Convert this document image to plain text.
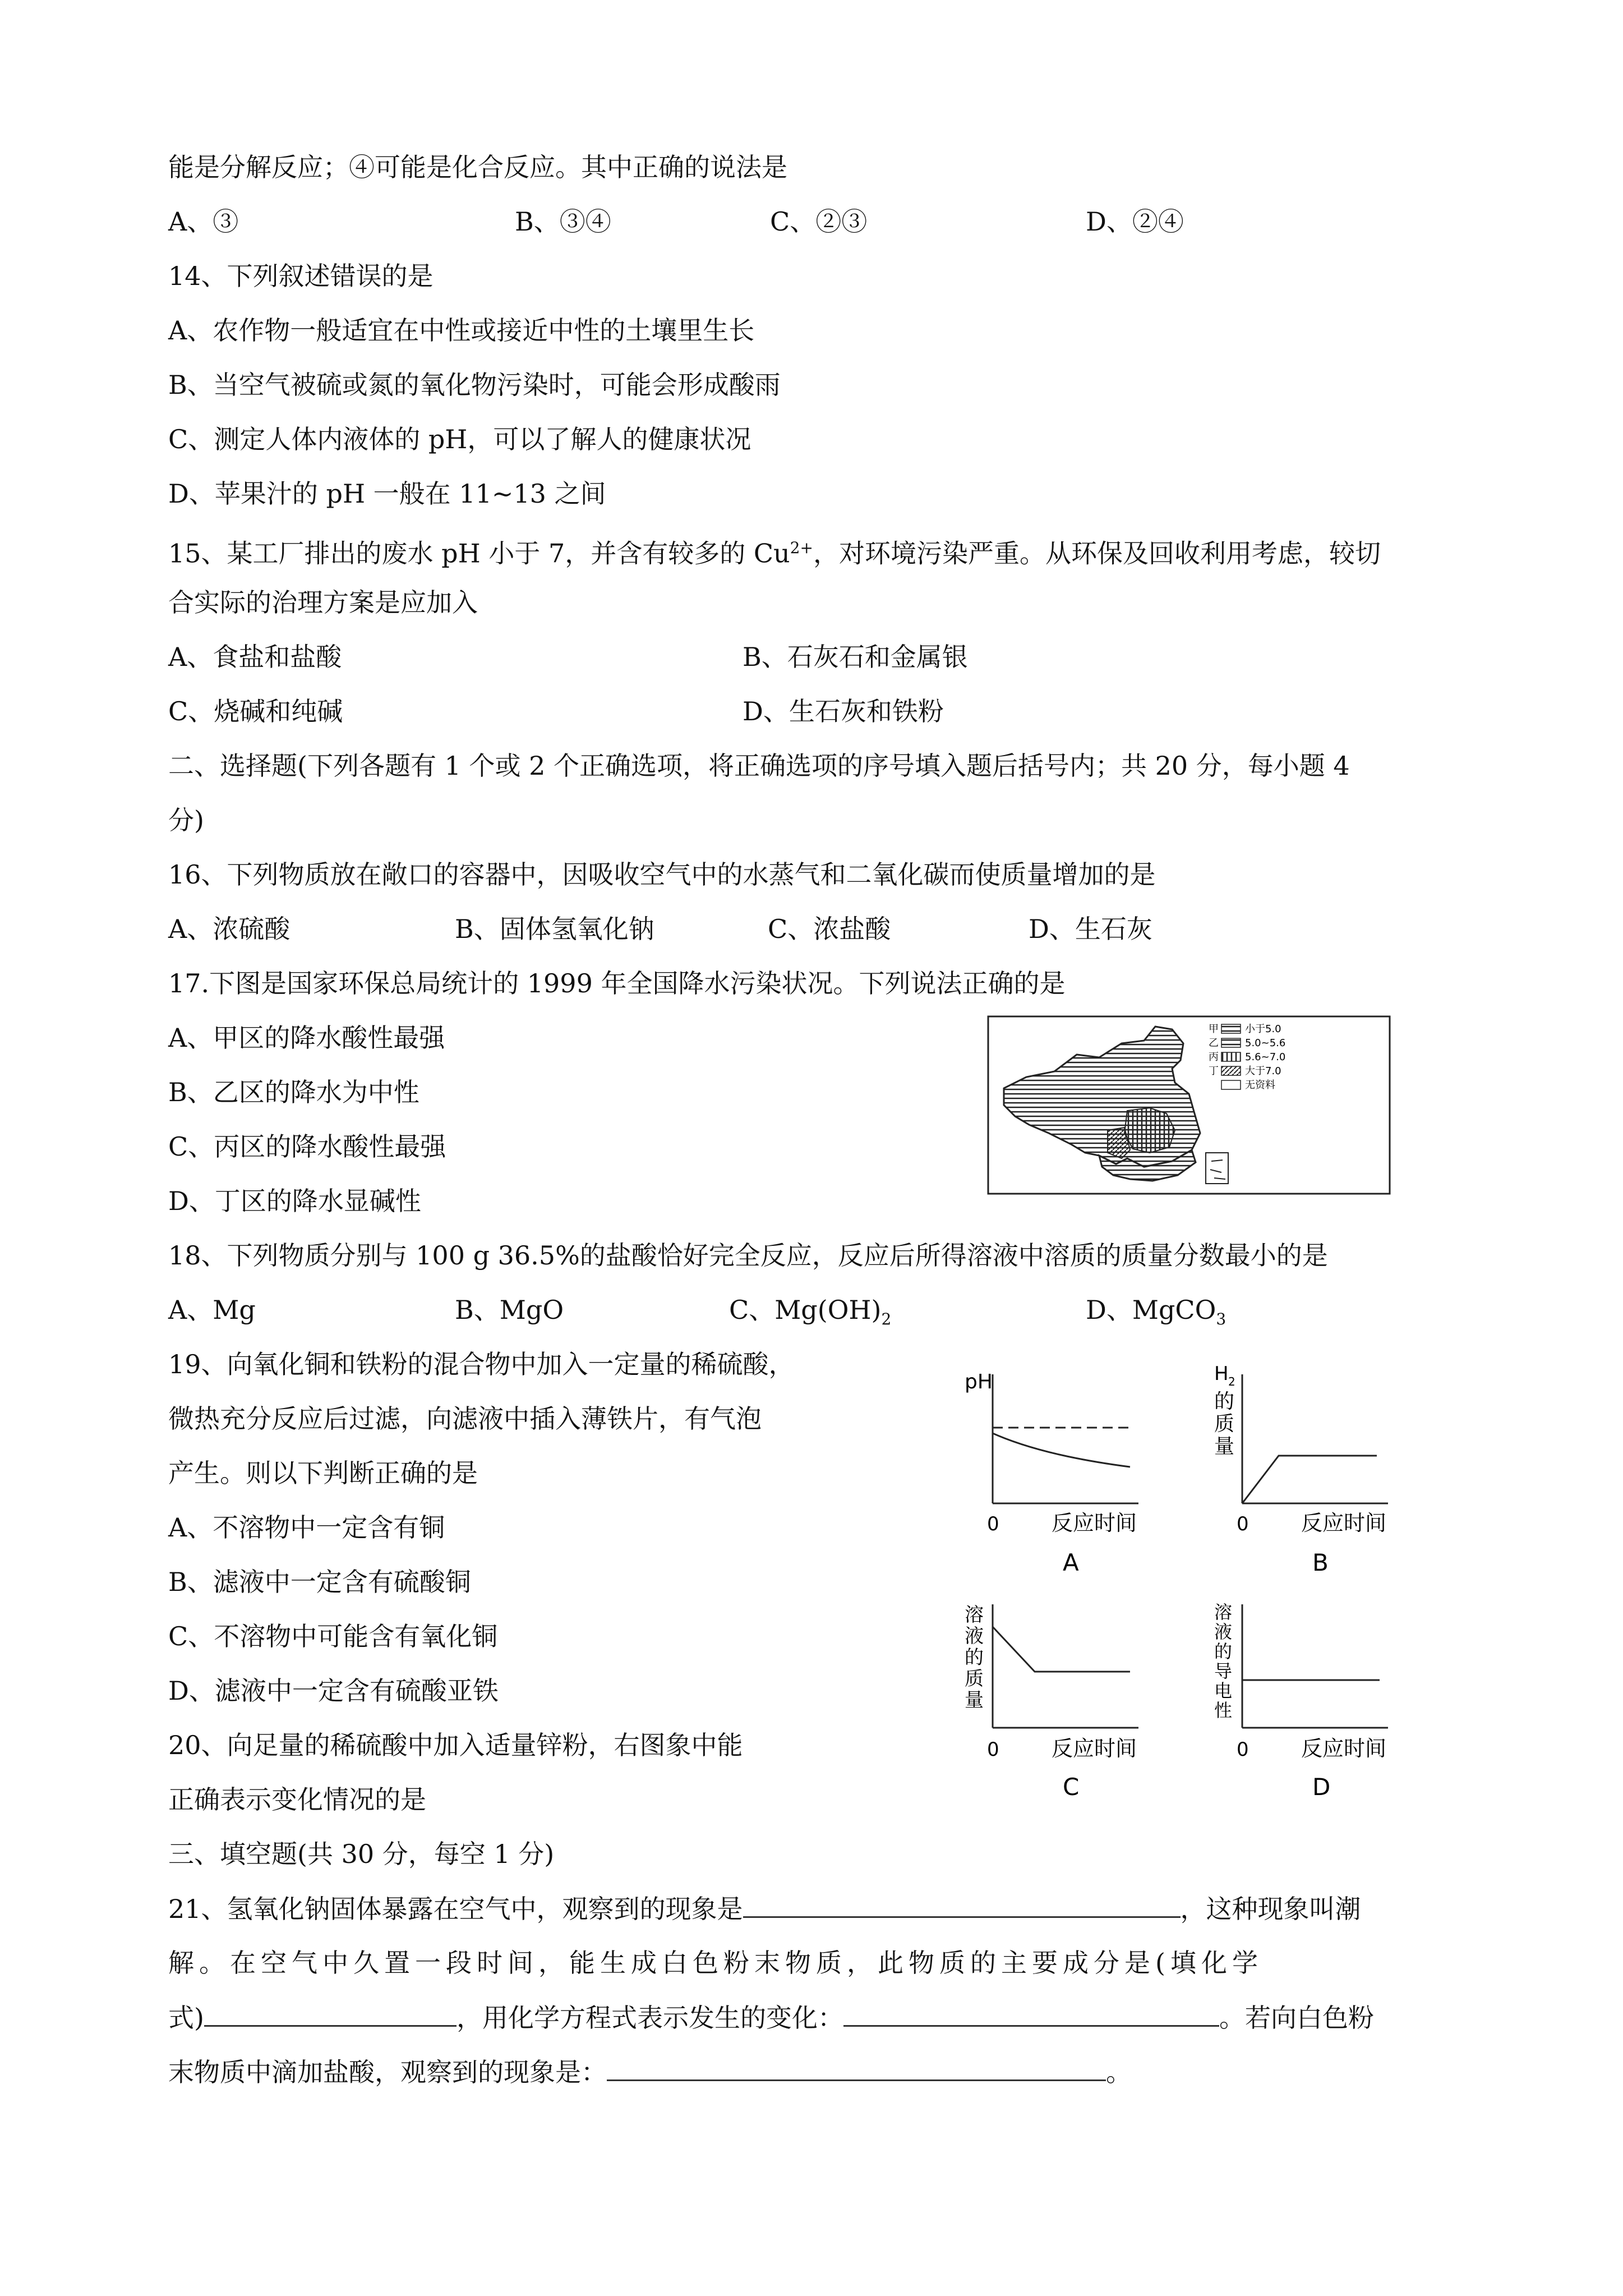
能是分解反应；④可能是化合反应。其中正确的说法是
A、③	B、③④	C、②③	D、②④
14、下列叙述错误的是
A、农作物一般适宜在中性或接近中性的土壤里生长
B、当空气被硫或氮的氧化物污染时，可能会形成酸雨
C、测定人体内液体的 pH，可以了解人的健康状况
D、苹果汁的 pH 一般在 11~13 之间
15、某工厂排出的废水 pH 小于 7，并含有较多的 $Cu^{2+}$，对环境污染严重。从环保及回收利用考虑，较切
合实际的治理方案是应加入
A、食盐和盐酸	B、石灰石和金属银
C、烧碱和纯碱	D、生石灰和铁粉
二、选择题(下列各题有 1 个或 2 个正确选项，将正确选项的序号填入题后括号内；共 20 分，每小题 4
分)
16、下列物质放在敞口的容器中，因吸收空气中的水蒸气和二氧化碳而使质量增加的是
A、浓硫酸	B、固体氢氧化钠	C、浓盐酸	D、生石灰
17.下图是国家环保总局统计的 1999 年全国降水污染状况。下列说法正确的是
A、甲区的降水酸性最强
B、乙区的降水为中性
C、丙区的降水酸性最强
D、丁区的降水显碱性
甲	小于5.0
乙	5.0~5.6
丙	5.6~7.0
丁	大于7.0
无资料
18、下列物质分别与 100 g 36.5%的盐酸恰好完全反应，反应后所得溶液中溶质的质量分数最小的是
A、Mg	B、MgO	C、$Mg(OH)_2$	D、MgCO$_3$
19、向氧化铜和铁粉的混合物中加入一定量的稀硫酸，
微热充分反应后过滤，向滤液中插入薄铁片，有气泡
产生。则以下判断正确的是
A、不溶物中一定含有铜
B、滤液中一定含有硫酸铜
C、不溶物中可能含有氧化铜
D、滤液中一定含有硫酸亚铁
20、向足量的稀硫酸中加入适量锌粉，右图象中能
正确表示变化情况的是
pH
0 反应时间
A
H 2
的
质
量
0 反应时间
B
溶
液
的
质
量
0 反应时间
C
溶
液
的
导
电
性
0 反应时间
D
三、填空题(共 30 分，每空 1 分)
21、氢氧化钠固体暴露在空气中，观察到的现象是	，这种现象叫潮
解。在空气中久置一段时间，能生成白色粉末物质，此物质的主要成分是(填化学
式)	，用化学方程式表示发生的变化：	。若向白色粉
末物质中滴加盐酸，观察到的现象是：	。
